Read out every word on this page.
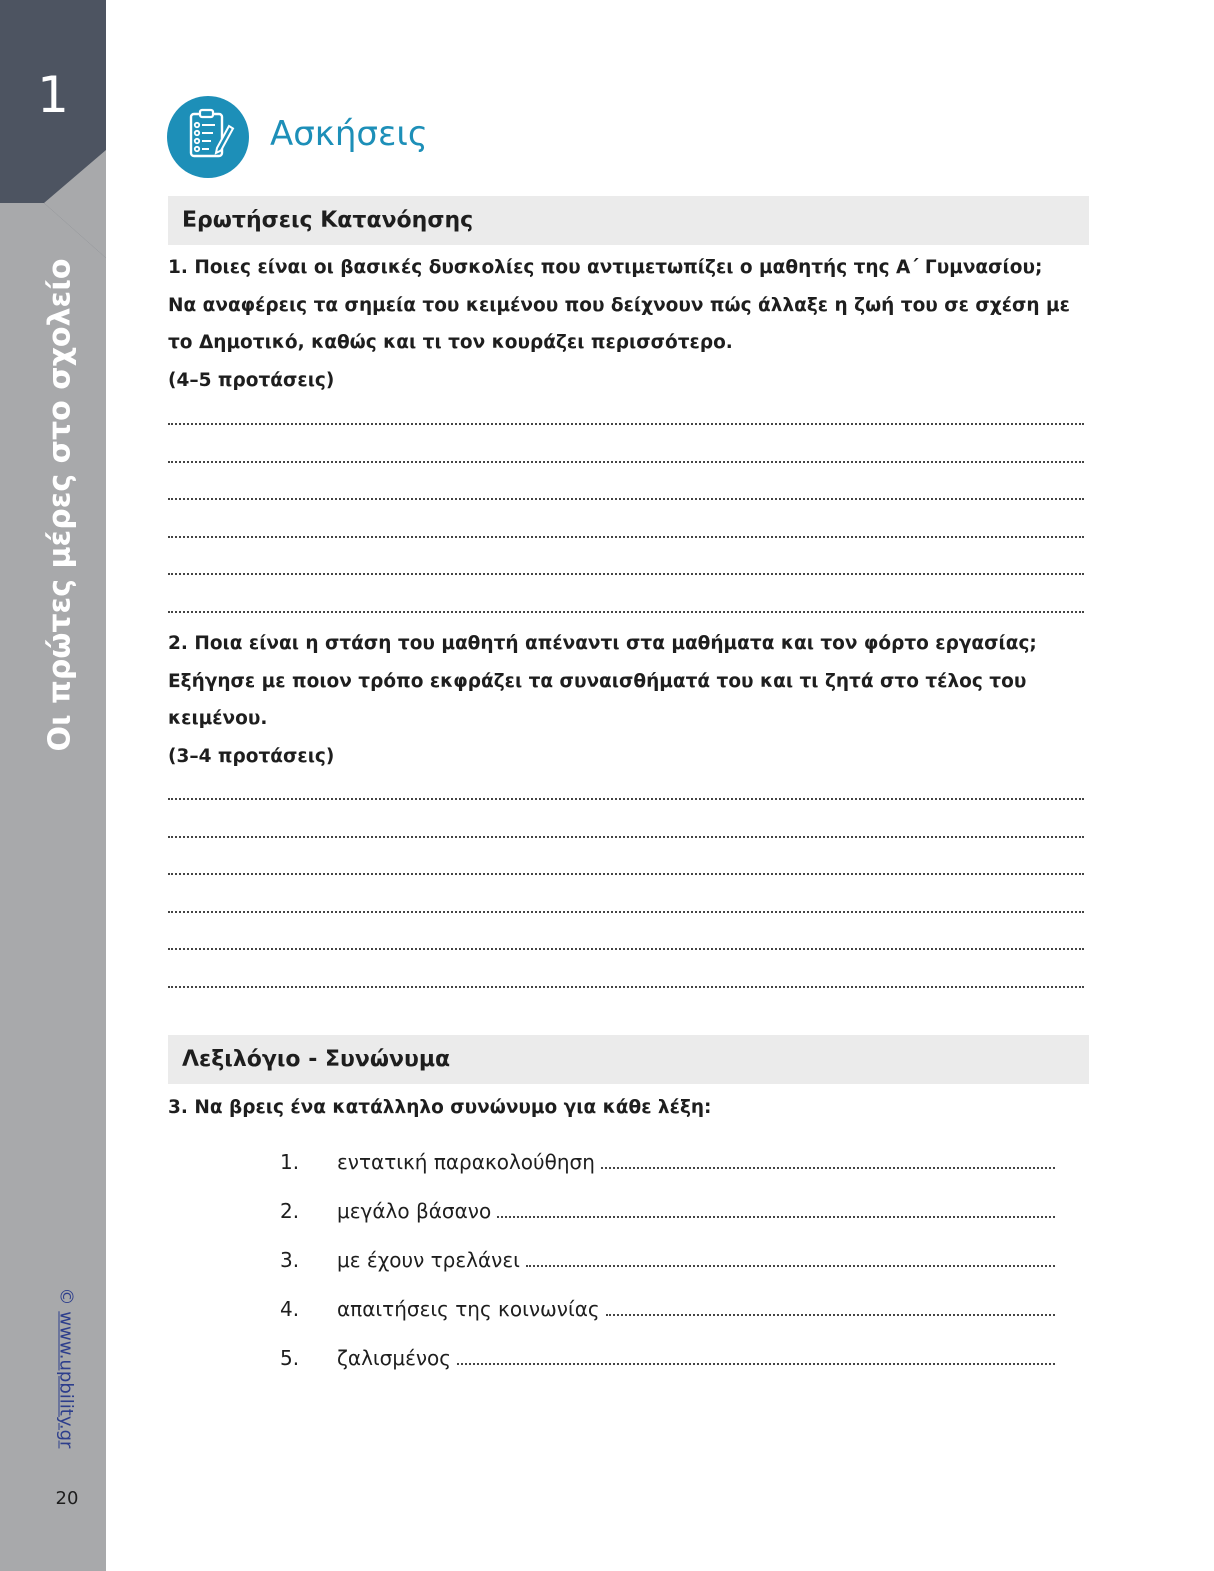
1
Οι πρώτες μέρες στο σχολείο
© www.upbility.gr
20
Ασκήσεις
Ερωτήσεις Κατανόησης
1. Ποιες είναι οι βασικές δυσκολίες που αντιμετωπίζει ο μαθητής της Α΄ Γυμνασίου;
Να αναφέρεις τα σημεία του κειμένου που δείχνουν πώς άλλαξε η ζωή του σε σχέση με
το Δημοτικό, καθώς και τι τον κουράζει περισσότερο.
(4–5 προτάσεις)
2. Ποια είναι η στάση του μαθητή απέναντι στα μαθήματα και τον φόρτο εργασίας;
Εξήγησε με ποιον τρόπο εκφράζει τα συναισθήματά του και τι ζητά στο τέλος του
κειμένου.
(3–4 προτάσεις)
Λεξιλόγιο - Συνώνυμα
3. Να βρεις ένα κατάλληλο συνώνυμο για κάθε λέξη:
1.	εντατική παρακολούθηση
2.	μεγάλο βάσανο
3.	με έχουν τρελάνει
4.	απαιτήσεις της κοινωνίας
5.	ζαλισμένος
